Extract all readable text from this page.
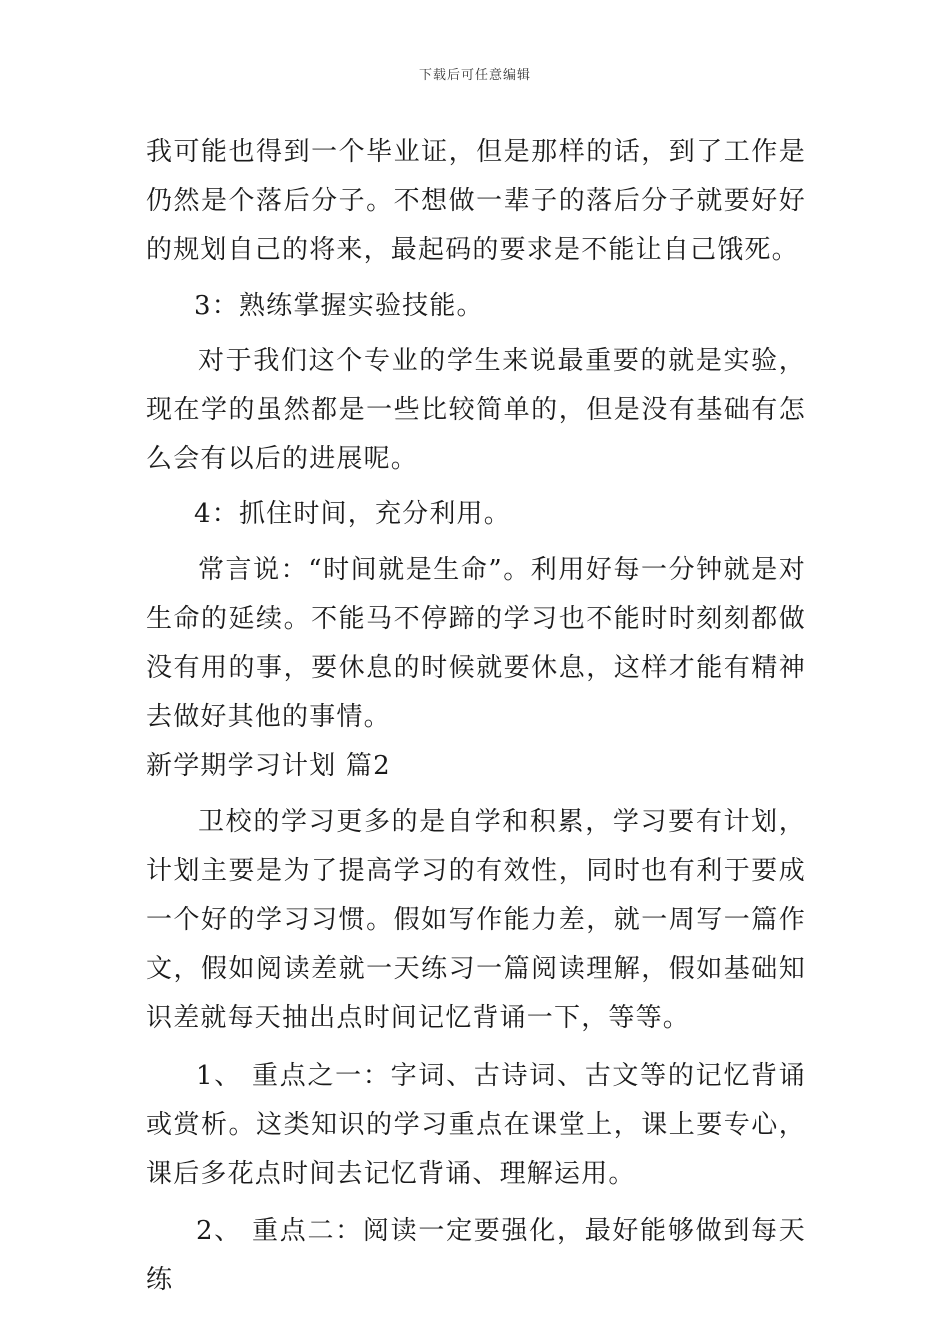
下载后可任意编辑

我可能也得到一个毕业证，但是那样的话，到了工作是仍然是个落后分子。不想做一辈子的落后分子就要好好的规划自己的将来，最起码的要求是不能让自己饿死。

3：熟练掌握实验技能。

对于我们这个专业的学生来说最重要的就是实验，现在学的虽然都是一些比较简单的，但是没有基础有怎么会有以后的进展呢。

4：抓住时间，充分利用。

常言说：“时间就是生命”。利用好每一分钟就是对生命的延续。不能马不停蹄的学习也不能时时刻刻都做没有用的事，要休息的时候就要休息，这样才能有精神去做好其他的事情。

新学期学习计划 篇2

卫校的学习更多的是自学和积累，学习要有计划，计划主要是为了提高学习的有效性，同时也有利于要成一个好的学习习惯。假如写作能力差，就一周写一篇作文，假如阅读差就一天练习一篇阅读理解，假如基础知识差就每天抽出点时间记忆背诵一下，等等。

1、 重点之一：字词、古诗词、古文等的记忆背诵或赏析。这类知识的学习重点在课堂上，课上要专心，课后多花点时间去记忆背诵、理解运用。

2、 重点二：阅读一定要强化，最好能够做到每天练
